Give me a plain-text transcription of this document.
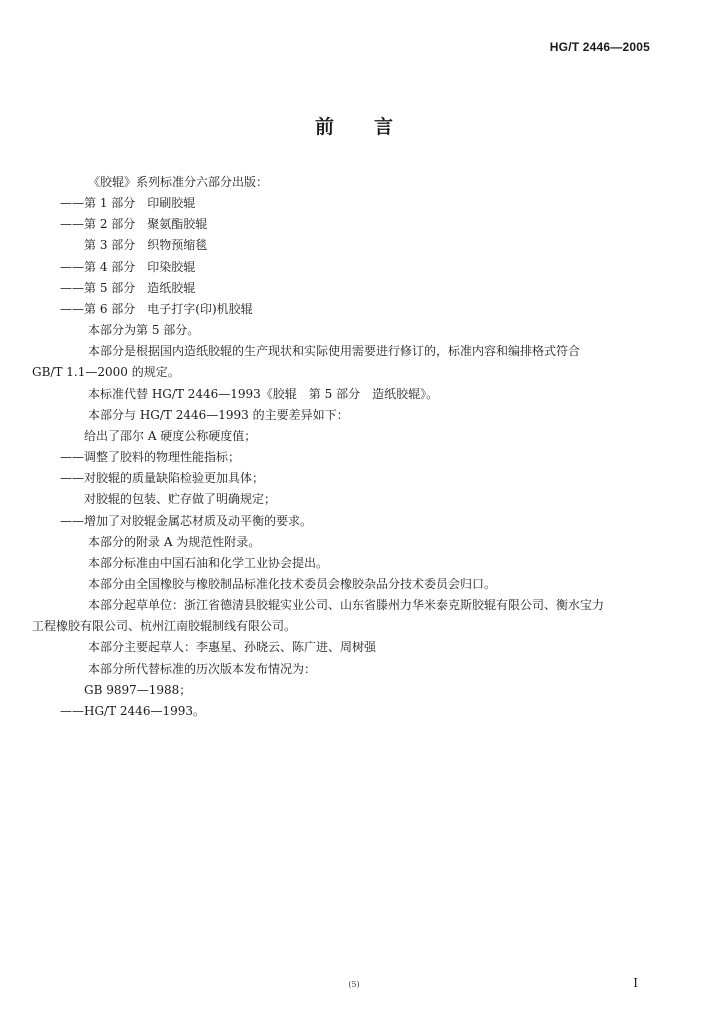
HG/T 2446—2005
前言
《胶辊》系列标准分六部分出版：
——第 1 部分　印刷胶辊
——第 2 部分　聚氨酯胶辊
　　第 3 部分　织物预缩毯
——第 4 部分　印染胶辊
——第 5 部分　造纸胶辊
——第 6 部分　电子打字(印)机胶辊
本部分为第 5 部分。
本部分是根据国内造纸胶辊的生产现状和实际使用需要进行修订的，标准内容和编排格式符合
GB/T 1.1—2000 的规定。
本标准代替 HG/T 2446—1993《胶辊　第 5 部分　造纸胶辊》。
本部分与 HG/T 2446—1993 的主要差异如下：
　　给出了邵尔 A 硬度公称硬度值；
——调整了胶料的物理性能指标；
——对胶辊的质量缺陷检验更加具体；
　　对胶辊的包装、贮存做了明确规定；
——增加了对胶辊金属芯材质及动平衡的要求。
本部分的附录 A 为规范性附录。
本部分标准由中国石油和化学工业协会提出。
本部分由全国橡胶与橡胶制品标准化技术委员会橡胶杂品分技术委员会归口。
本部分起草单位：浙江省德清县胶辊实业公司、山东省滕州力华米泰克斯胶辊有限公司、衡水宝力
工程橡胶有限公司、杭州江南胶辊制线有限公司。
本部分主要起草人：李惠星、孙晓云、陈广进、周树强
本部分所代替标准的历次版本发布情况为：
　　GB 9897—1988；
——HG/T 2446—1993。
(5)	I
